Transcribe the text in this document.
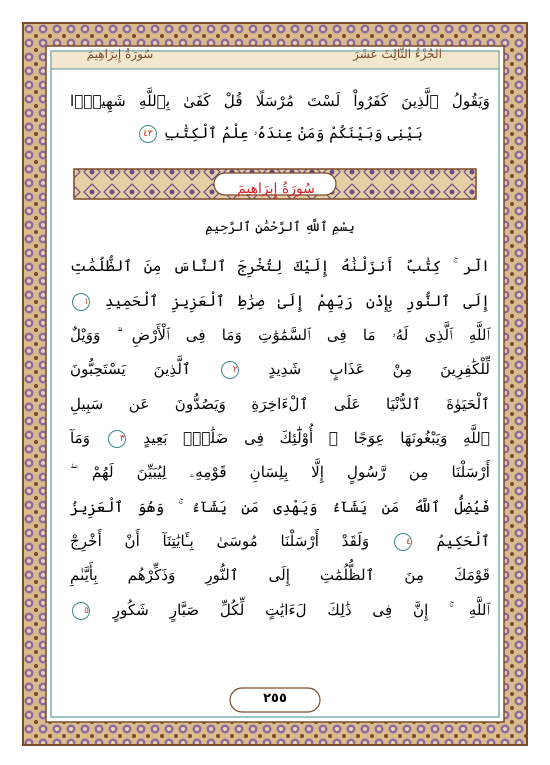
سُورَةُ إِبرَاهِيمَ	الجُزْءُ الثَّالِثَ عَشَرَ
وَيَقُولُ ٱلَّذِينَ كَفَرُواْ لَسْتَ مُرْسَلًا قُلْ كَفَىٰ بِٱللَّهِ شَهِيدَۢا
بَيْنِى وَبَيْنَكُمْ وَمَنْ عِندَهُۥ عِلْمُ ٱلْكِتَٰبِ ٤٣
سُورَةُ إِبرَاهِيمَ
بِسْمِ ٱللَّهِ ٱلرَّحْمَٰنِ ٱلرَّحِيمِ
الٓر ۚ كِتَٰبٌ أَنزَلْنَٰهُ إِلَيْكَ لِتُخْرِجَ ٱلنَّاسَ مِنَ ٱلظُّلُمَٰتِ
إِلَى ٱلنُّورِ بِإِذْنِ رَبِّهِمْ إِلَىٰ صِرَٰطِ ٱلْعَزِيزِ ٱلْحَمِيدِ ١
ٱللَّهِ ٱلَّذِى لَهُۥ مَا فِى ٱلسَّمَٰوَٰتِ وَمَا فِى ٱلْأَرْضِ ۗ وَوَيْلٌ
لِّلْكَٰفِرِينَ مِنْ عَذَابٍ شَدِيدٍ ٢ ٱلَّذِينَ يَسْتَحِبُّونَ
ٱلْحَيَوٰةَ ٱلدُّنْيَا عَلَى ٱلْءَاخِرَةِ وَيَصُدُّونَ عَن سَبِيلِ
ٱللَّهِ وَيَبْغُونَهَا عِوَجًا ۚ أُوْلَٰٓئِكَ فِى ضَلَٰلٍۭ بَعِيدٍ ٣ وَمَآ
أَرْسَلْنَا مِن رَّسُولٍ إِلَّا بِلِسَانِ قَوْمِهِۦ لِيُبَيِّنَ لَهُمْ ۖ
فَيُضِلُّ ٱللَّهُ مَن يَشَآءُ وَيَهْدِى مَن يَشَآءُ ۚ وَهُوَ ٱلْعَزِيزُ
ٱلْحَكِيمُ ٤ وَلَقَدْ أَرْسَلْنَا مُوسَىٰ بِـَٔايَٰتِنَآ أَنْ أَخْرِجْ
قَوْمَكَ مِنَ ٱلظُّلُمَٰتِ إِلَى ٱلنُّورِ وَذَكِّرْهُم بِأَيَّىٰمِ
ٱللَّهِ ۚ إِنَّ فِى ذَٰلِكَ لَءَايَٰتٍ لِّكُلِّ صَبَّارٍ شَكُورٍ ٥
٢٥٥
